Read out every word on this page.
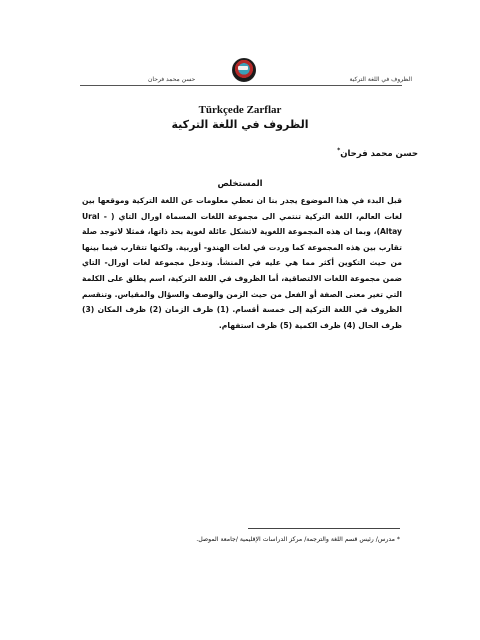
حسن محمد فرحان	الظروف في اللغة التركية
Türkçede Zarflar
الظروف في اللغة التركية
حسن محمد فرحان*
المستخلص
قبل البدء في هذا الموضوع يجدر بنا ان نعطي معلومات عن اللغة التركية وموقعها بين لغات العالم، اللغة التركية تنتمي الى مجموعة اللغات المسماة اورال التاي ( Ural - Altay)، وبما ان هذه المجموعة اللغوية لاتشكل عائلة لغوية بحد ذاتها، فمثلا لاتوجد صلة تقارب بين هذه المجموعة كما وردت في لغات الهندو- أوربية. ولكنها تتقارب فيما بينها من حيث التكوين أكثر مما هي عليه في المنشأ. وتدخل مجموعة لغات اورال- التاي ضمن مجموعة اللغات الالتصاقية، أما الظروف في اللغة التركية، اسم يطلق على الكلمة التي تغير معنى الصفة أو الفعل من حيث الزمن والوصف والسؤال والمقياس. وتنقسم الظروف في اللغة التركية إلى خمسة أقسام. (1) ظرف الزمان (2) ظرف المكان (3) ظرف الحال (4) ظرف الكمية (5) ظرف استفهام.
* مدرس/ رئيس قسم اللغة والترجمة/ مركز الدراسات الإقليمية /جامعة الموصل.
